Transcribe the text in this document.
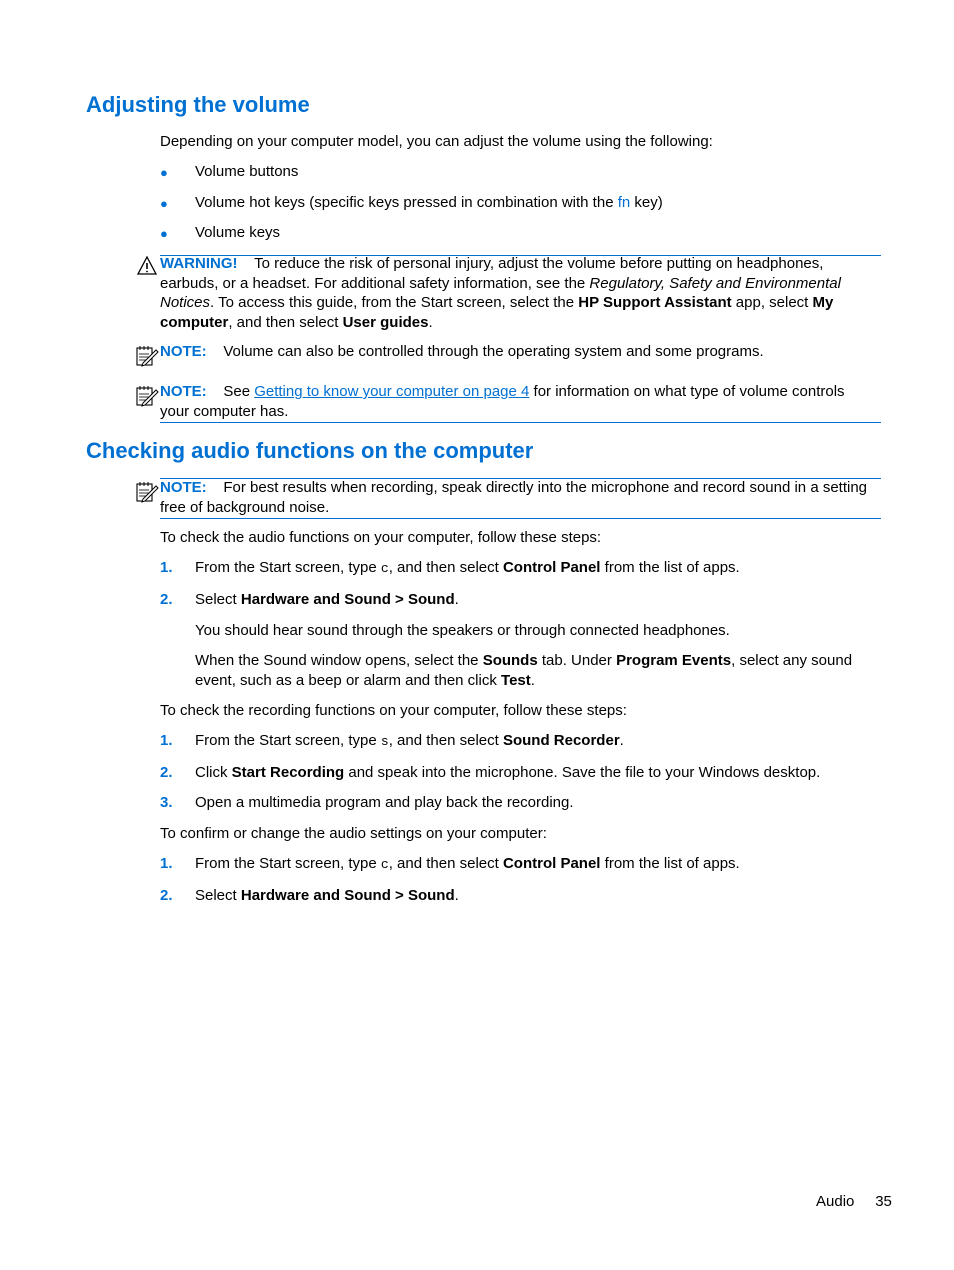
Adjusting the volume

Depending on your computer model, you can adjust the volume using the following:

● Volume buttons

● Volume hot keys (specific keys pressed in combination with the fn key)

● Volume keys

WARNING! To reduce the risk of personal injury, adjust the volume before putting on headphones, earbuds, or a headset. For additional safety information, see the Regulatory, Safety and Environmental Notices. To access this guide, from the Start screen, select the HP Support Assistant app, select My computer, and then select User guides.
NOTE: Volume can also be controlled through the operating system and some programs.
NOTE: See Getting to know your computer on page 4 for information on what type of volume controls your computer has.
Checking audio functions on the computer
NOTE: For best results when recording, speak directly into the microphone and record sound in a setting free of background noise.

To check the audio functions on your computer, follow these steps:

1. From the Start screen, type c, and then select Control Panel from the list of apps.

2. Select Hardware and Sound > Sound.

You should hear sound through the speakers or through connected headphones.

When the Sound window opens, select the Sounds tab. Under Program Events, select any sound event, such as a beep or alarm and then click Test.

To check the recording functions on your computer, follow these steps:

1. From the Start screen, type s, and then select Sound Recorder.

2. Click Start Recording and speak into the microphone. Save the file to your Windows desktop.

3. Open a multimedia program and play back the recording.

To confirm or change the audio settings on your computer:

1. From the Start screen, type c, and then select Control Panel from the list of apps.

2. Select Hardware and Sound > Sound.

Audio 35
